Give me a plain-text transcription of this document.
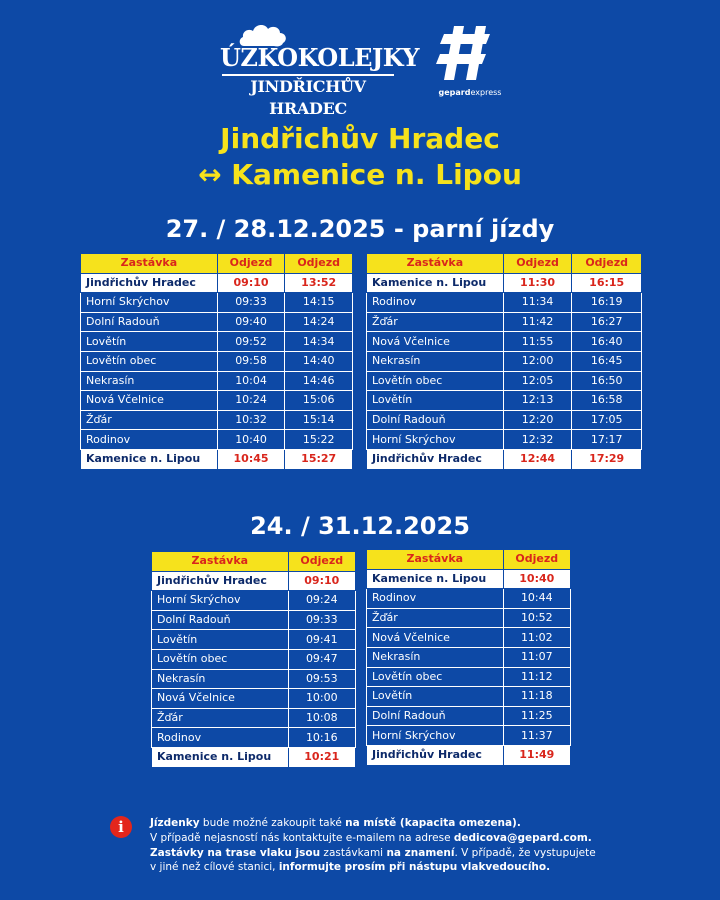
ÚZKOKOLEJKY
JINDŘICHŮV HRADEC
gepardexpress
Jindřichův Hradec
↔ Kamenice n. Lipou
27. / 28.12.2025 - parní jízdy
Zastávka	Odjezd	Odjezd
Jindřichův Hradec	09:10	13:52
Horní Skrýchov	09:33	14:15
Dolní Radouň	09:40	14:24
Lovětín	09:52	14:34
Lovětín obec	09:58	14:40
Nekrasín	10:04	14:46
Nová Včelnice	10:24	15:06
Žďár	10:32	15:14
Rodinov	10:40	15:22
Kamenice n. Lipou	10:45	15:27
Zastávka	Odjezd	Odjezd
Kamenice n. Lipou	11:30	16:15
Rodinov	11:34	16:19
Žďár	11:42	16:27
Nová Včelnice	11:55	16:40
Nekrasín	12:00	16:45
Lovětín obec	12:05	16:50
Lovětín	12:13	16:58
Dolní Radouň	12:20	17:05
Horní Skrýchov	12:32	17:17
Jindřichův Hradec	12:44	17:29
24. / 31.12.2025
Zastávka	Odjezd
Jindřichův Hradec	09:10
Horní Skrýchov	09:24
Dolní Radouň	09:33
Lovětín	09:41
Lovětín obec	09:47
Nekrasín	09:53
Nová Včelnice	10:00
Žďár	10:08
Rodinov	10:16
Kamenice n. Lipou	10:21
Zastávka	Odjezd
Kamenice n. Lipou	10:40
Rodinov	10:44
Žďár	10:52
Nová Včelnice	11:02
Nekrasín	11:07
Lovětín obec	11:12
Lovětín	11:18
Dolní Radouň	11:25
Horní Skrýchov	11:37
Jindřichův Hradec	11:49
i	Jízdenky bude možné zakoupit také na místě (kapacita omezena).

V případě nejasností nás kontaktujte e-mailem na adrese dedicova@gepard.com.

Zastávky na trase vlaku jsou zastávkami na znamení. V případě, že vystupujete

v jiné než cílové stanici, informujte prosím při nástupu vlakvedoucího.
